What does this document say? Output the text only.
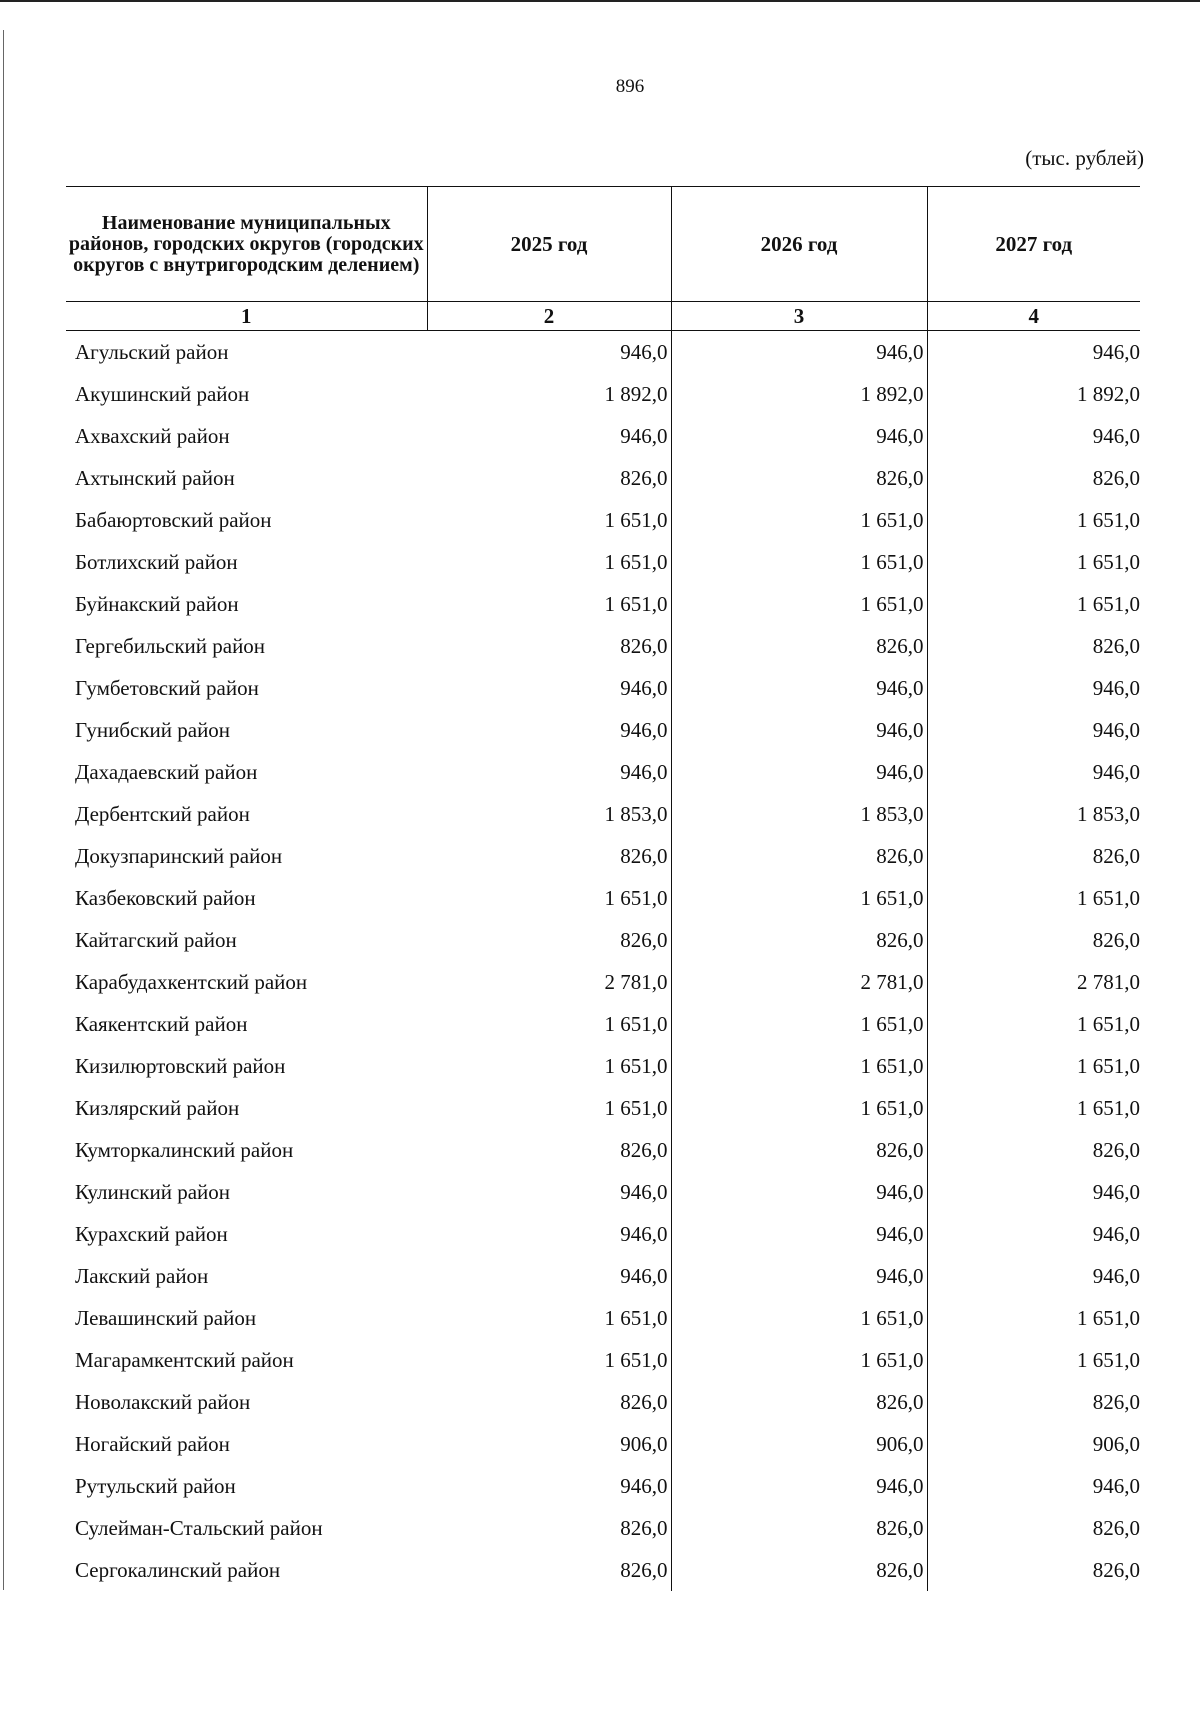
896
(тыс. рублей)
Наименование муниципальных районов, городских округов (городских округов с внутригородским делением)	2025 год	2026 год	2027 год
1	2	3	4
Агульский район	946,0	946,0	946,0
Акушинский район	1 892,0	1 892,0	1 892,0
Ахвахский район	946,0	946,0	946,0
Ахтынский район	826,0	826,0	826,0
Бабаюртовский район	1 651,0	1 651,0	1 651,0
Ботлихский район	1 651,0	1 651,0	1 651,0
Буйнакский район	1 651,0	1 651,0	1 651,0
Гергебильский район	826,0	826,0	826,0
Гумбетовский район	946,0	946,0	946,0
Гунибский район	946,0	946,0	946,0
Дахадаевский район	946,0	946,0	946,0
Дербентский район	1 853,0	1 853,0	1 853,0
Докузпаринский район	826,0	826,0	826,0
Казбековский район	1 651,0	1 651,0	1 651,0
Кайтагский район	826,0	826,0	826,0
Карабудахкентский район	2 781,0	2 781,0	2 781,0
Каякентский район	1 651,0	1 651,0	1 651,0
Кизилюртовский район	1 651,0	1 651,0	1 651,0
Кизлярский район	1 651,0	1 651,0	1 651,0
Кумторкалинский район	826,0	826,0	826,0
Кулинский район	946,0	946,0	946,0
Курахский район	946,0	946,0	946,0
Лакский район	946,0	946,0	946,0
Левашинский район	1 651,0	1 651,0	1 651,0
Магарамкентский район	1 651,0	1 651,0	1 651,0
Новолакский район	826,0	826,0	826,0
Ногайский район	906,0	906,0	906,0
Рутульский район	946,0	946,0	946,0
Сулейман-Стальский район	826,0	826,0	826,0
Сергокалинский район	826,0	826,0	826,0
